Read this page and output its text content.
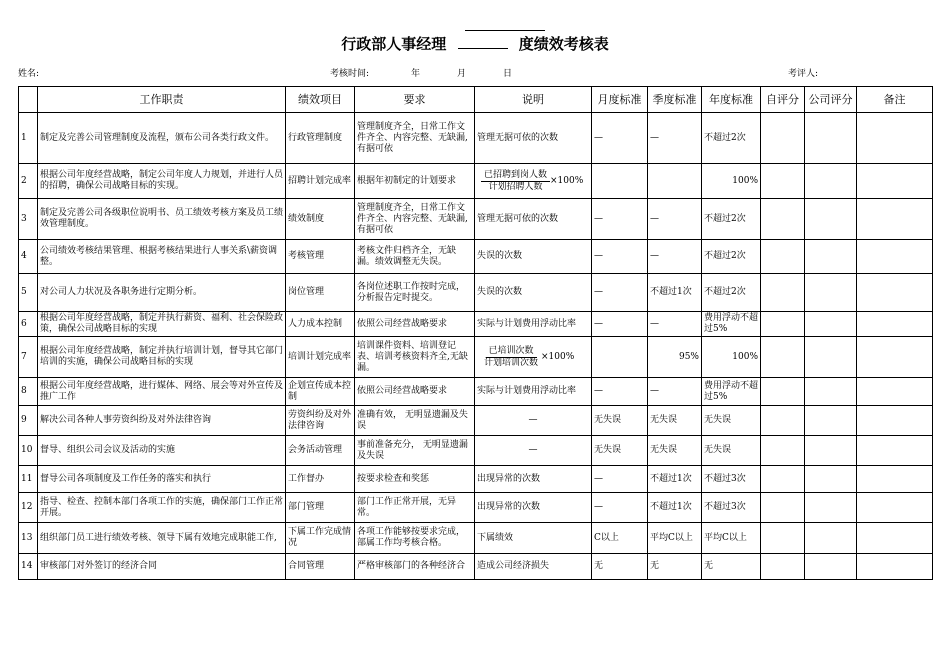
行政部人事经理	度绩效考核表
姓名:	考核时间:	年	月	日	考评人:
	工作职责	绩效项目	要求	说明	月度标准	季度标准	年度标准	自评分	公司评分	备注
1	制定及完善公司管理制度及流程，颁布公司各类行政文件。	行政管理制度	管理制度齐全，日常工作文件齐全、内容完整、无缺漏,有据可依	管理无据可依的次数	—	—	不超过2次			
2	根据公司年度经营战略，制定公司年度人力规划，并进行人员的招聘，确保公司战略目标的实现。	招聘计划完成率	根据年初制定的计划要求	$\frac{\text{已招聘到岗人数}}{\text{计划招聘人数}} \times 100\%$			100%			
3	制定及完善公司各级职位说明书、员工绩效考核方案及员工绩效管理制度。	绩效制度	管理制度齐全，日常工作文件齐全、内容完整、无缺漏,有据可依	管理无据可依的次数	—	—	不超过2次			
4	公司绩效考核结果管理、根据考核结果进行人事关系\薪资调整。	考核管理	考核文件归档齐全，无缺漏。绩效调整无失误。	失误的次数	—	—	不超过2次			
5	对公司人力状况及各职务进行定期分析。	岗位管理	各岗位述职工作按时完成，分析报告定时提交。	失误的次数	—	不超过1次	不超过2次			
6	根据公司年度经营战略，制定并执行薪资、福利、社会保险政策，确保公司战略目标的实现	人力成本控制	依照公司经营战略要求	实际与计划费用浮动比率	—	—	费用浮动不超过5%			
7	根据公司年度经营战略，制定并执行培训计划，督导其它部门培训的实施，确保公司战略目标的实现	培训计划完成率	培训课件资料、培训登记表、培训考核资料齐全,无缺漏。	$\frac{\text{已培训次数}}{\text{计划培训次数}} \times 100\%$		95%	100%			
8	根据公司年度经营战略，进行媒体、网络、展会等对外宣传及推广工作	企划宣传成本控制	依照公司经营战略要求	实际与计划费用浮动比率	—	—	费用浮动不超过5%			
9	解决公司各种人事劳资纠纷及对外法律咨询	劳资纠纷及对外法律咨询	准确有效， 无明显遗漏及失误	—	无失误	无失误	无失误			
10	督导、组织公司会议及活动的实施	会务活动管理	事前准备充分， 无明显遗漏及失误	—	无失误	无失误	无失误			
11	督导公司各项制度及工作任务的落实和执行	工作督办	按要求检查和奖惩	出现异常的次数	—	不超过1次	不超过3次			
12	指导、检查、控制本部门各项工作的实施，确保部门工作正常开展。	部门管理	部门工作正常开展，无异常。	出现异常的次数	—	不超过1次	不超过3次			
13	组织部门员工进行绩效考核、领导下属有效地完成职能工作,	下属工作完成情况	各项工作能够按要求完成，部属工作均考核合格。	下属绩效	C以上	平均C以上	平均C以上			
14	审核部门对外签订的经济合同	合同管理	严格审核部门的各种经济合	造成公司经济损失	无	无	无			
